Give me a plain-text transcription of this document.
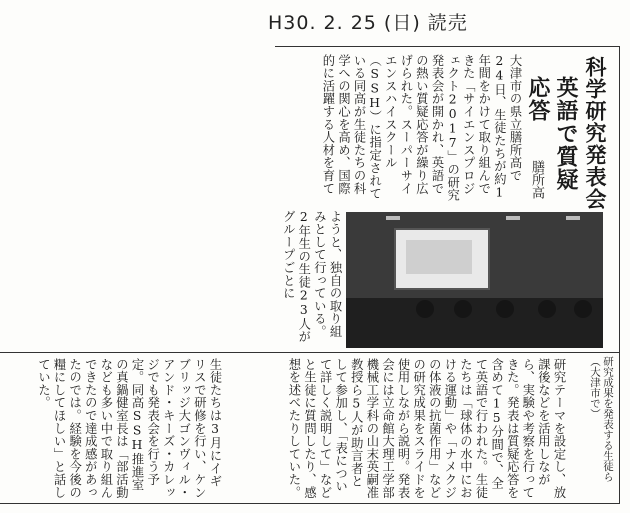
H30. 2. 25 (日) 読売
科学研究発表会
英語で質疑応答
膳所高
大津市の県立膳所高で24日、生徒たちが約1年間をかけて取り組んできた「サイエンスプロジェクト2017」の研究発表会が開かれ、英語での熱い質疑応答が繰り広げられた。スーパーサイエンスハイスクール（SSH）に指定されている同高が生徒たちの科学への関心を高め、国際的に活躍する人材を育て
ようと、独自の取り組みとして行っている。2年生の生徒23人がグループごとに
研究成果を発表する生徒ら（大津市で）
研究テーマを設定し、放課後などを活用しながら、実験や考察を行ってきた。発表は質疑応答を含めて15分間で、全て英語で行われた。生徒たちは「球体の水中における運動」や「ナメクジの体液の抗菌作用」などの研究成果をスライドを使用しながら説明。発表会には立命館大理工学部機械工学科の山末英嗣准教授ら5人が助言者として参加し、「表について詳しく説明して」などと生徒に質問したり、感想を述べたりしていた。
生徒たちは3月にイギリスで研修を行い、ケンブリッジ大ゴンヴィル・アンド・キーズ・カレッジでも発表会を行う予定。同高SSH推進室の真鍋健室長は「部活動なども多い中で取り組んできたので達成感があったのでは。経験を今後の糧にしてほしい」と話していた。
